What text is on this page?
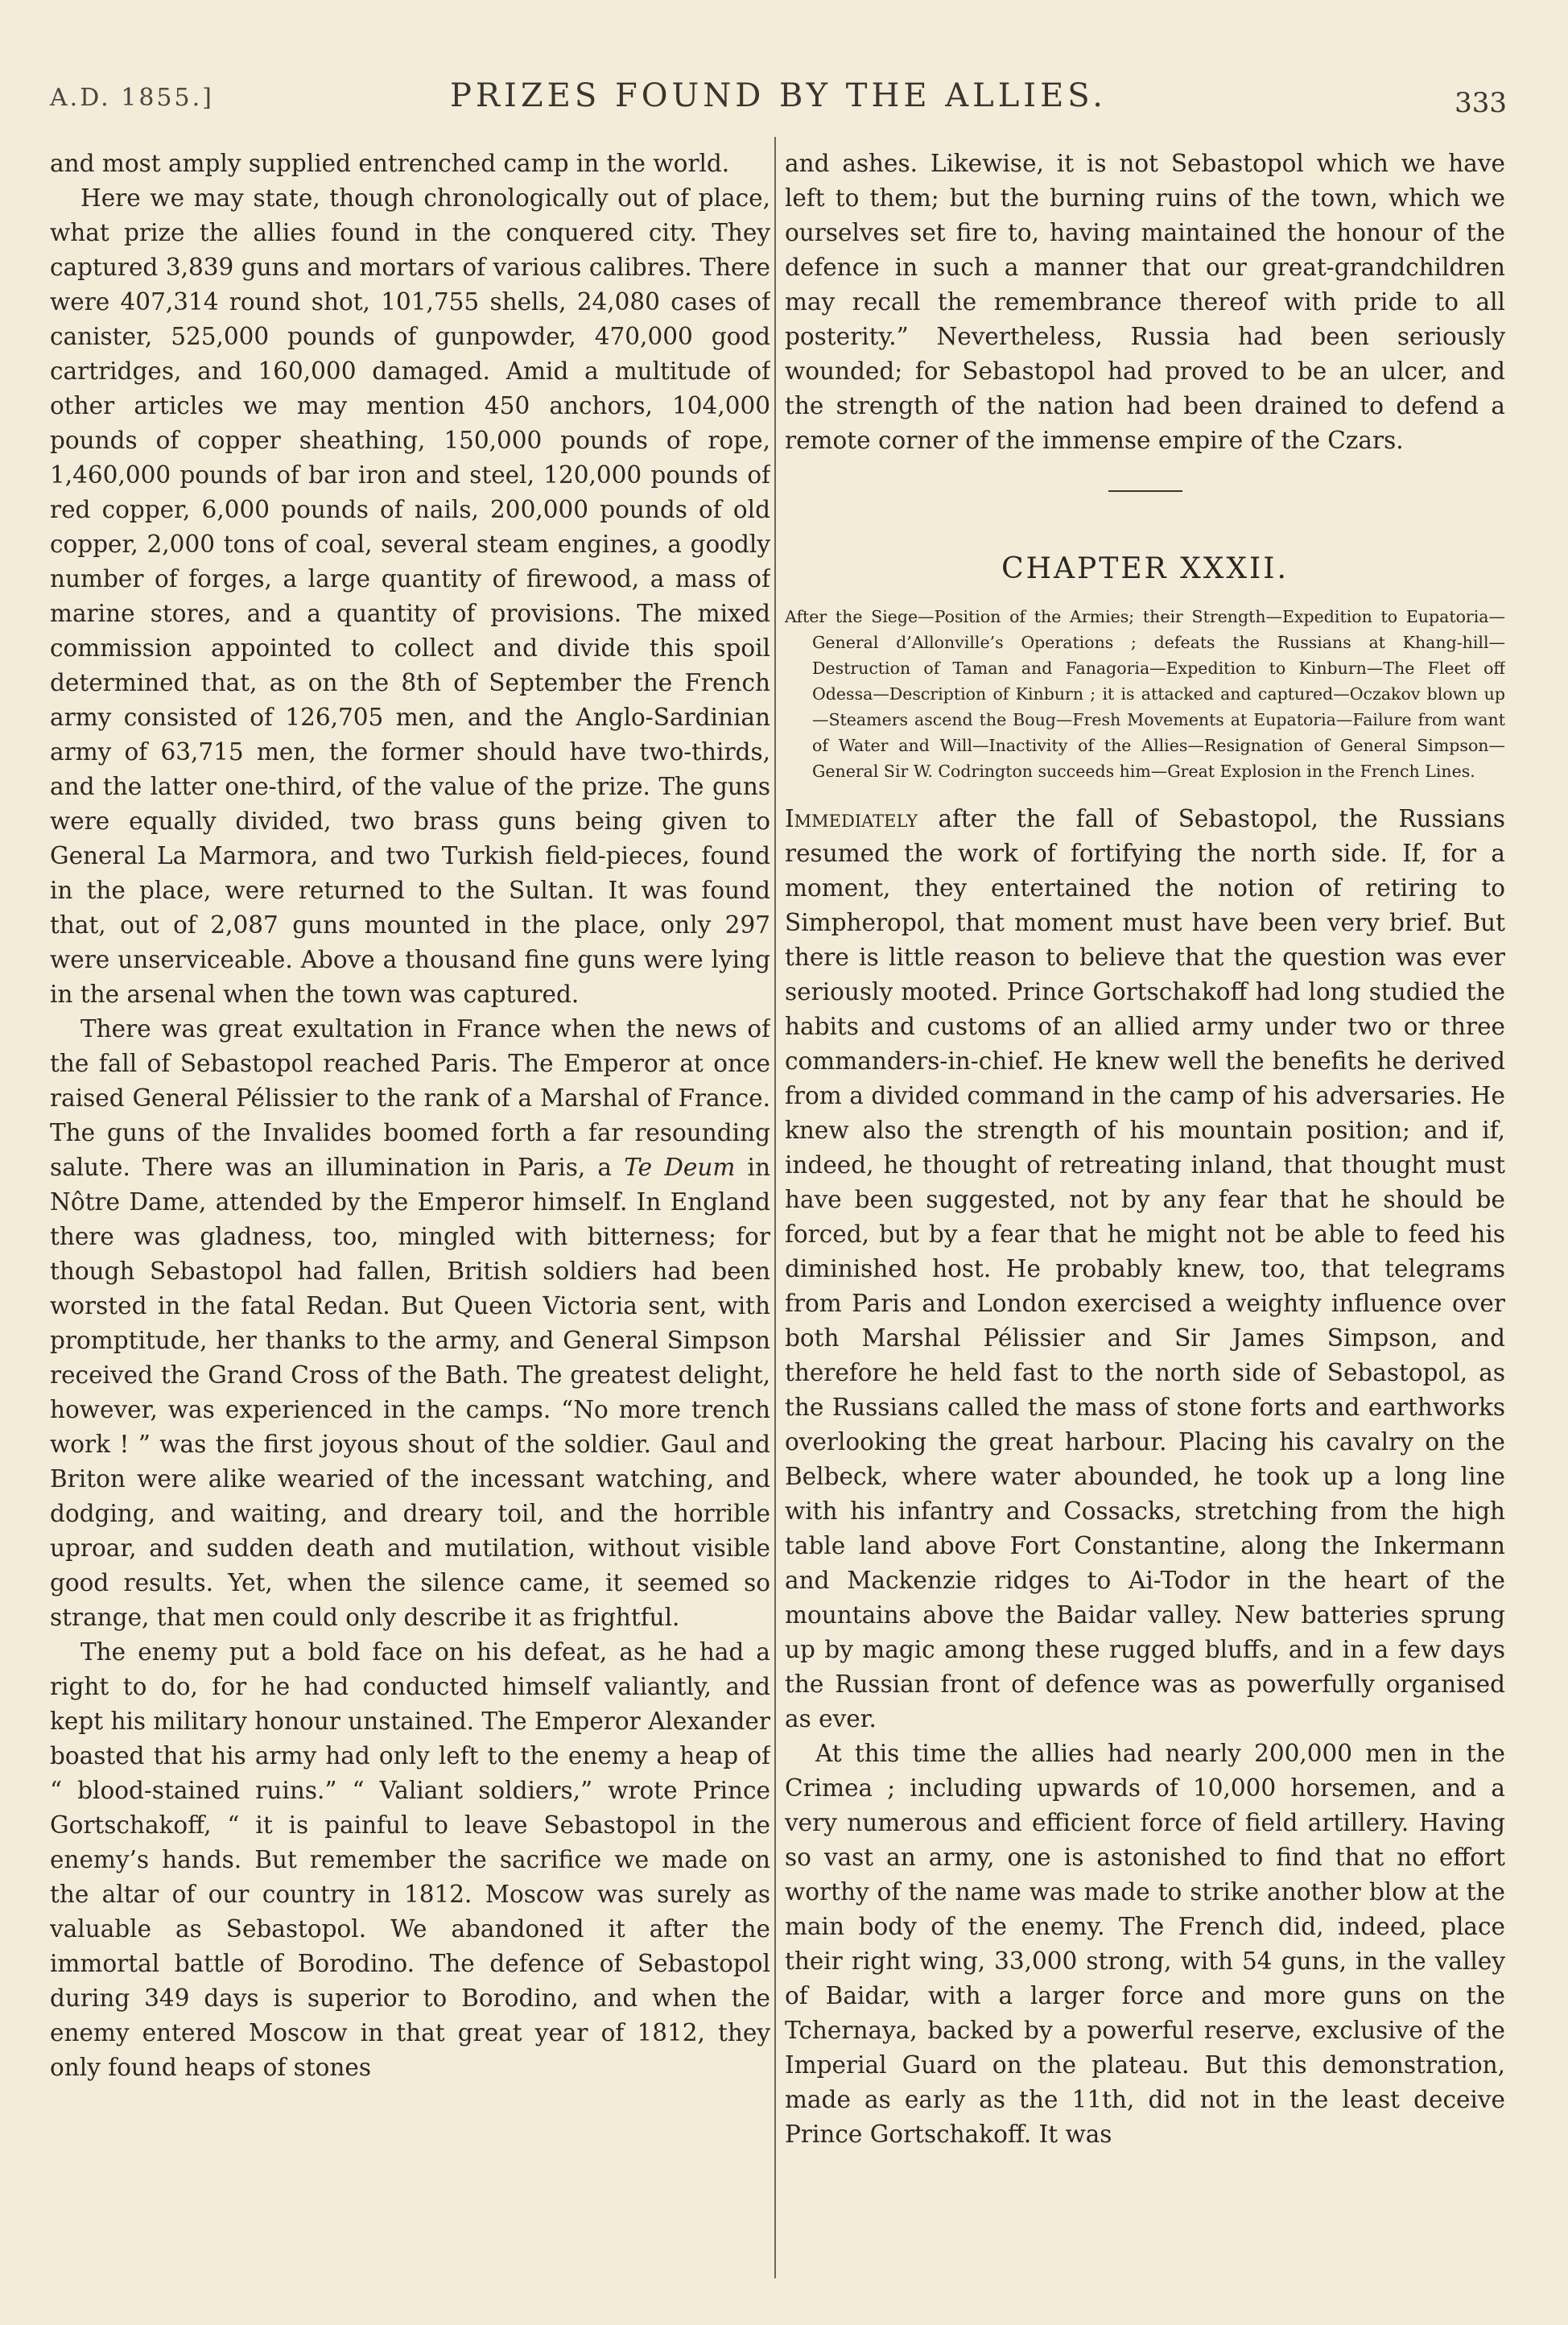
A.D. 1855.]	PRIZES FOUND BY THE ALLIES.	333

and most amply supplied entrenched camp in the world.

Here we may state, though chronologically out of place, what prize the allies found in the conquered city. They captured 3,839 guns and mortars of various calibres. There were 407,314 round shot, 101,755 shells, 24,080 cases of canister, 525,000 pounds of gunpowder, 470,000 good cartridges, and 160,000 damaged. Amid a multitude of other articles we may mention 450 anchors, 104,000 pounds of copper sheathing, 150,000 pounds of rope, 1,460,000 pounds of bar iron and steel, 120,000 pounds of red copper, 6,000 pounds of nails, 200,000 pounds of old copper, 2,000 tons of coal, several steam engines, a goodly number of forges, a large quantity of firewood, a mass of marine stores, and a quantity of provisions. The mixed commission appointed to collect and divide this spoil determined that, as on the 8th of September the French army consisted of 126,705 men, and the Anglo-Sardinian army of 63,715 men, the former should have two-thirds, and the latter one-third, of the value of the prize. The guns were equally divided, two brass guns being given to General La Marmora, and two Turkish field-pieces, found in the place, were returned to the Sultan. It was found that, out of 2,087 guns mounted in the place, only 297 were unserviceable. Above a thousand fine guns were lying in the arsenal when the town was captured.

There was great exultation in France when the news of the fall of Sebastopol reached Paris. The Emperor at once raised General Pélissier to the rank of a Marshal of France. The guns of the Invalides boomed forth a far resounding salute. There was an illumination in Paris, a Te Deum in Nôtre Dame, attended by the Emperor himself. In England there was gladness, too, mingled with bitterness; for though Sebastopol had fallen, British soldiers had been worsted in the fatal Redan. But Queen Victoria sent, with promptitude, her thanks to the army, and General Simpson received the Grand Cross of the Bath. The greatest delight, however, was experienced in the camps. “No more trench work ! ” was the first joyous shout of the soldier. Gaul and Briton were alike wearied of the incessant watching, and dodging, and waiting, and dreary toil, and the horrible uproar, and sudden death and mutilation, without visible good results. Yet, when the silence came, it seemed so strange, that men could only describe it as frightful.

The enemy put a bold face on his defeat, as he had a right to do, for he had conducted himself valiantly, and kept his military honour unstained. The Emperor Alexander boasted that his army had only left to the enemy a heap of “ blood-stained ruins.” “ Valiant soldiers,” wrote Prince Gortschakoff, “ it is painful to leave Sebastopol in the enemy’s hands. But remember the sacrifice we made on the altar of our country in 1812. Moscow was surely as valuable as Sebastopol. We abandoned it after the immortal battle of Borodino. The defence of Sebastopol during 349 days is superior to Borodino, and when the enemy entered Moscow in that great year of 1812, they only found heaps of stones

and ashes. Likewise, it is not Sebastopol which we have left to them; but the burning ruins of the town, which we ourselves set fire to, having maintained the honour of the defence in such a manner that our great-grandchildren may recall the remembrance thereof with pride to all posterity.” Nevertheless, Russia had been seriously wounded; for Sebastopol had proved to be an ulcer, and the strength of the nation had been drained to defend a remote corner of the immense empire of the Czars.

CHAPTER XXXII.
After the Siege—Position of the Armies; their Strength—Expedition to Eupatoria—General d’Allonville’s Operations ; defeats the Russians at Khang-hill—Destruction of Taman and Fanagoria—Expedition to Kinburn—The Fleet off Odessa—Description of Kinburn ; it is attacked and captured—Oczakov blown up—Steamers ascend the Boug—Fresh Movements at Eupatoria—Failure from want of Water and Will—Inactivity of the Allies—Resignation of General Simpson—General Sir W. Codrington succeeds him—Great Explosion in the French Lines.

Immediately after the fall of Sebastopol, the Russians resumed the work of fortifying the north side. If, for a moment, they entertained the notion of retiring to Simpheropol, that moment must have been very brief. But there is little reason to believe that the question was ever seriously mooted. Prince Gortschakoff had long studied the habits and customs of an allied army under two or three commanders-in-chief. He knew well the benefits he derived from a divided command in the camp of his adversaries. He knew also the strength of his mountain position; and if, indeed, he thought of retreating inland, that thought must have been suggested, not by any fear that he should be forced, but by a fear that he might not be able to feed his diminished host. He probably knew, too, that telegrams from Paris and London exercised a weighty influence over both Marshal Pélissier and Sir James Simpson, and therefore he held fast to the north side of Sebastopol, as the Russians called the mass of stone forts and earthworks overlooking the great harbour. Placing his cavalry on the Belbeck, where water abounded, he took up a long line with his infantry and Cossacks, stretching from the high table land above Fort Constantine, along the Inkermann and Mackenzie ridges to Ai-Todor in the heart of the mountains above the Baidar valley. New batteries sprung up by magic among these rugged bluffs, and in a few days the Russian front of defence was as powerfully organised as ever.

At this time the allies had nearly 200,000 men in the Crimea ; including upwards of 10,000 horsemen, and a very numerous and efficient force of field artillery. Having so vast an army, one is astonished to find that no effort worthy of the name was made to strike another blow at the main body of the enemy. The French did, indeed, place their right wing, 33,000 strong, with 54 guns, in the valley of Baidar, with a larger force and more guns on the Tchernaya, backed by a powerful reserve, exclusive of the Imperial Guard on the plateau. But this demonstration, made as early as the 11th, did not in the least deceive Prince Gortschakoff. It was
